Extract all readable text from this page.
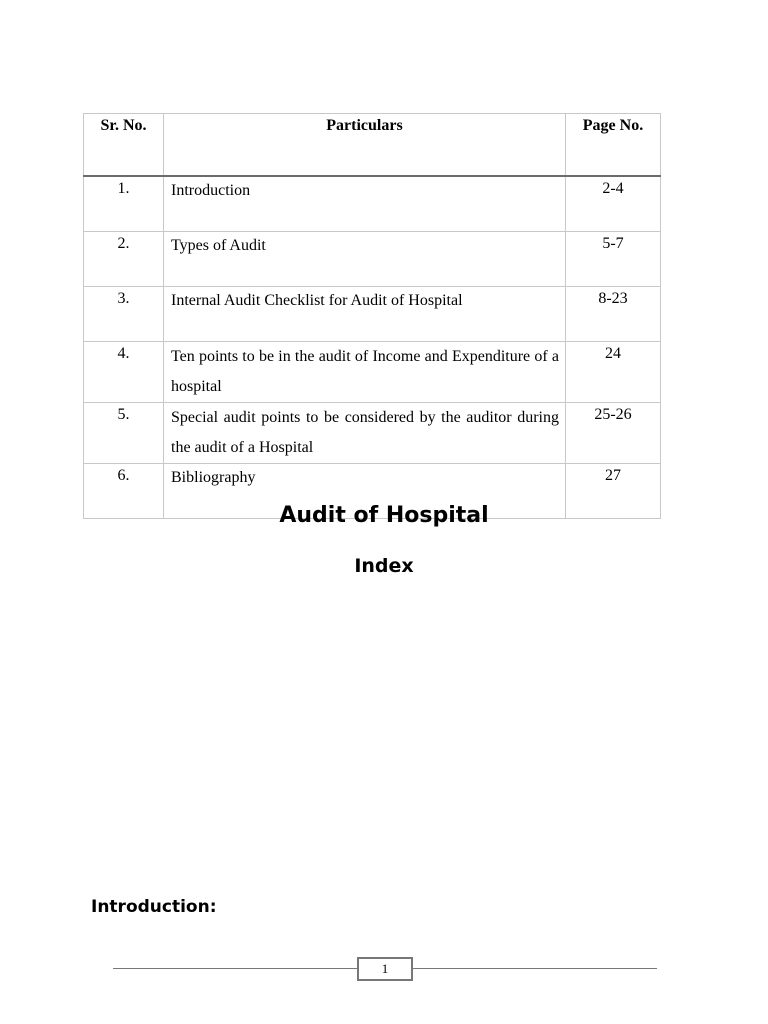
Sr. No.	Particulars	Page No.
1.	Introduction	2-4
2.	Types of Audit	5-7
3.	Internal Audit Checklist for Audit of Hospital	8-23
4.	Ten points to be in the audit of Income and Expenditure of a hospital	24
5.	Special audit points to be considered by the auditor during the audit of a Hospital	25-26
6.	Bibliography	27
Audit of Hospital
Index
Introduction:
1
